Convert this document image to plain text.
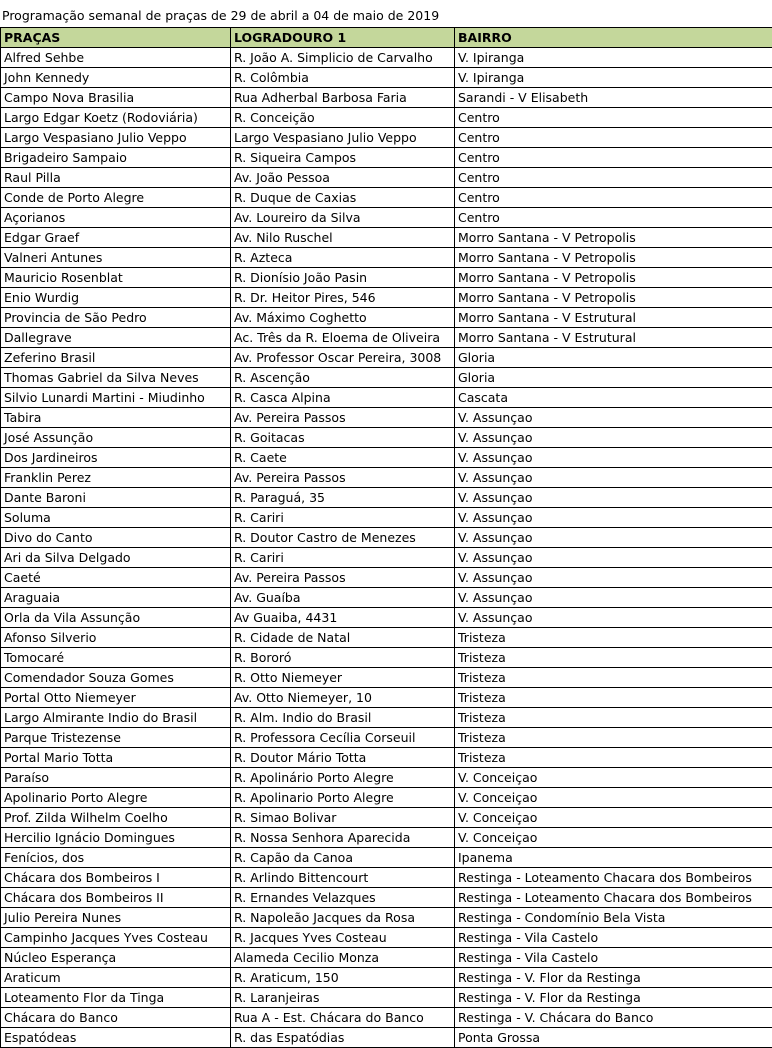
Programação semanal de praças de 29 de abril a 04 de maio de 2019
PRAÇAS	LOGRADOURO 1	BAIRRO
Alfred Sehbe	R. João A. Simplicio de Carvalho	V. Ipiranga
John Kennedy	R. Colômbia	V. Ipiranga
Campo Nova Brasilia	Rua Adherbal Barbosa Faria	Sarandi - V Elisabeth
Largo Edgar Koetz (Rodoviária)	R. Conceição	Centro
Largo Vespasiano Julio Veppo	Largo Vespasiano Julio Veppo	Centro
Brigadeiro Sampaio	R. Siqueira Campos	Centro
Raul Pilla	Av. João Pessoa	Centro
Conde de Porto Alegre	R. Duque de Caxias	Centro
Açorianos	Av. Loureiro da Silva	Centro
Edgar Graef	Av. Nilo Ruschel	Morro Santana - V Petropolis
Valneri Antunes	R. Azteca	Morro Santana - V Petropolis
Mauricio Rosenblat	R. Dionísio João Pasin	Morro Santana - V Petropolis
Enio Wurdig	R. Dr. Heitor Pires, 546	Morro Santana - V Petropolis
Provincia de São Pedro	Av. Máximo Coghetto	Morro Santana - V Estrutural
Dallegrave	Ac. Três da R. Eloema de Oliveira	Morro Santana - V Estrutural
Zeferino Brasil	Av. Professor Oscar Pereira, 3008	Gloria
Thomas Gabriel da Silva Neves	R. Ascenção	Gloria
Silvio Lunardi Martini - Miudinho	R. Casca Alpina	Cascata
Tabira	Av. Pereira Passos	V. Assunçao
José Assunção	R. Goitacas	V. Assunçao
Dos Jardineiros	R. Caete	V. Assunçao
Franklin Perez	Av. Pereira Passos	V. Assunçao
Dante Baroni	R. Paraguá, 35	V. Assunçao
Soluma	R. Cariri	V. Assunçao
Divo do Canto	R. Doutor Castro de Menezes	V. Assunçao
Ari da Silva Delgado	R. Cariri	V. Assunçao
Caeté	Av. Pereira Passos	V. Assunçao
Araguaia	Av. Guaíba	V. Assunçao
Orla da Vila Assunção	Av Guaiba, 4431	V. Assunçao
Afonso Silverio	R. Cidade de Natal	Tristeza
Tomocaré	R. Bororó	Tristeza
Comendador Souza Gomes	R. Otto Niemeyer	Tristeza
Portal Otto Niemeyer	Av. Otto Niemeyer, 10	Tristeza
Largo Almirante Indio do Brasil	R. Alm. Indio do Brasil	Tristeza
Parque Tristezense	R. Professora Cecília Corseuil	Tristeza
Portal Mario Totta	R. Doutor Mário Totta	Tristeza
Paraíso	R. Apolinário Porto Alegre	V. Conceiçao
Apolinario Porto Alegre	R. Apolinario Porto Alegre	V. Conceiçao
Prof. Zilda Wilhelm Coelho	R. Simao Bolivar	V. Conceiçao
Hercilio Ignácio Domingues	R. Nossa Senhora Aparecida	V. Conceiçao
Fenícios, dos	R. Capão da Canoa	Ipanema
Chácara dos Bombeiros I	R. Arlindo Bittencourt	Restinga - Loteamento Chacara dos Bombeiros
Chácara dos Bombeiros II	R. Ernandes Velazques	Restinga - Loteamento Chacara dos Bombeiros
Julio Pereira Nunes	R. Napoleão Jacques da Rosa	Restinga - Condomínio Bela Vista
Campinho Jacques Yves Costeau	R. Jacques Yves Costeau	Restinga - Vila Castelo
Núcleo Esperança	Alameda Cecilio Monza	Restinga - Vila Castelo
Araticum	R. Araticum, 150	Restinga - V. Flor da Restinga
Loteamento Flor da Tinga	R. Laranjeiras	Restinga - V. Flor da Restinga
Chácara do Banco	Rua A - Est. Chácara do Banco	Restinga - V. Chácara do Banco
Espatódeas	R. das Espatódias	Ponta Grossa
